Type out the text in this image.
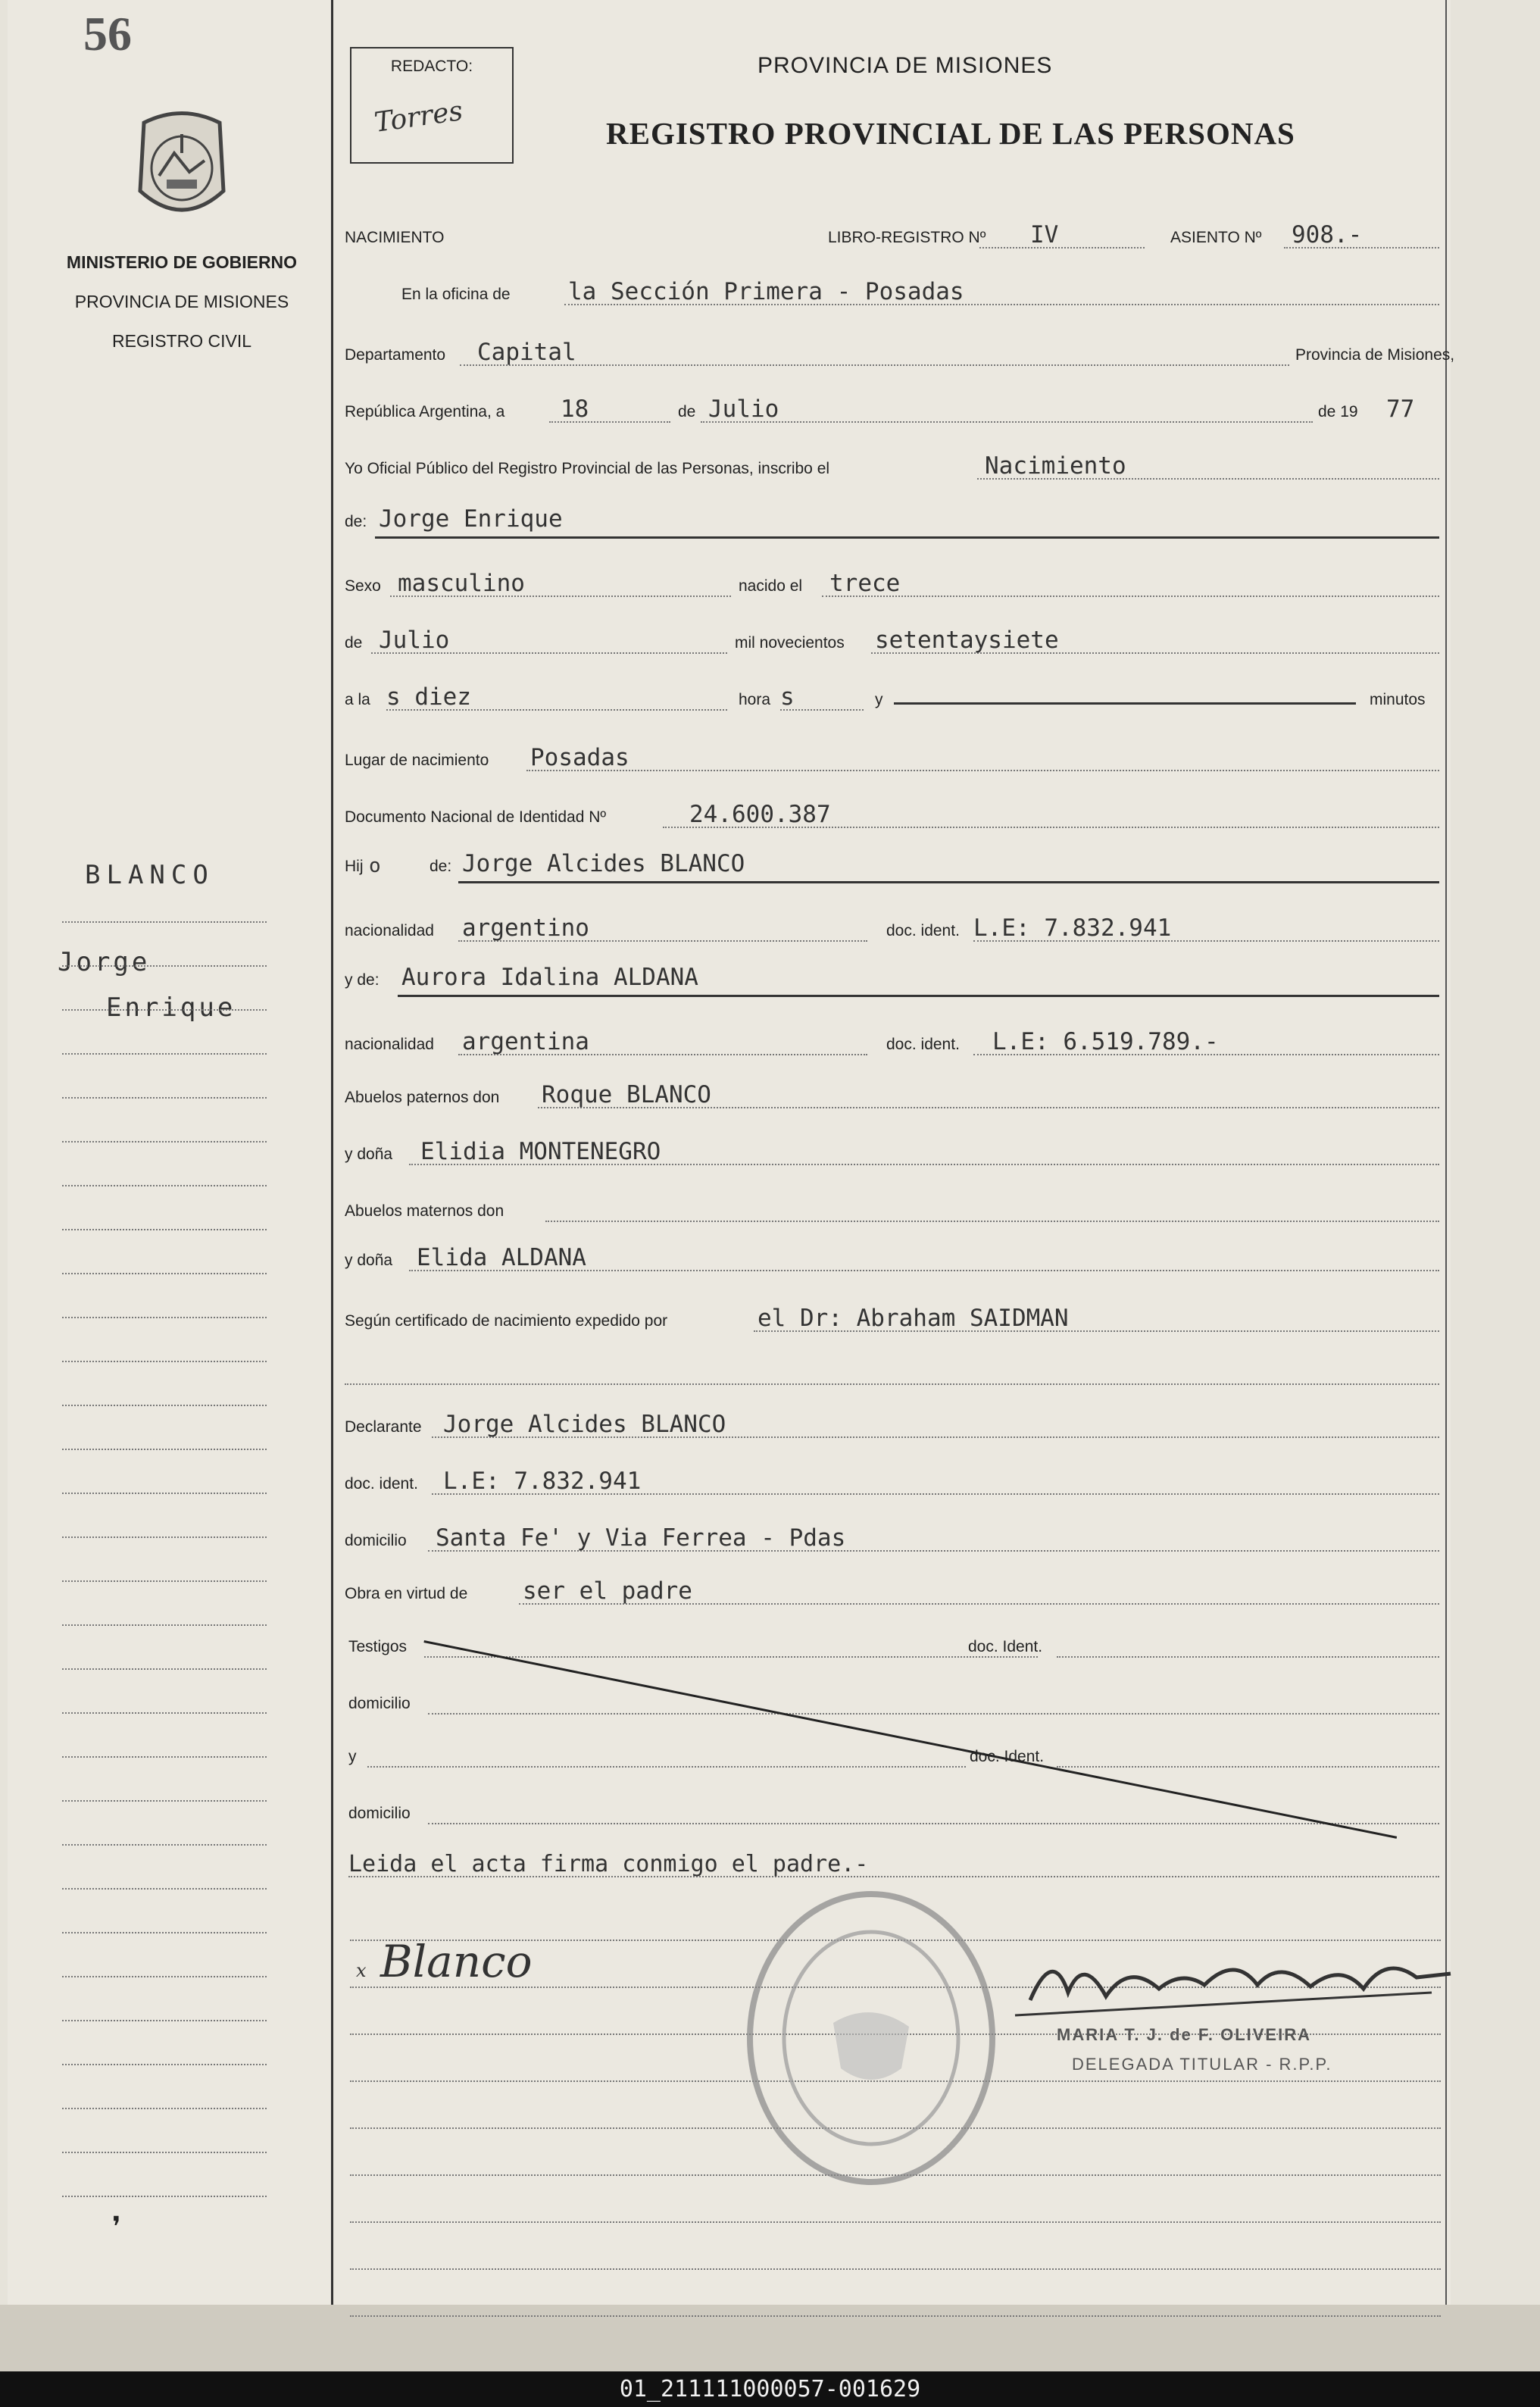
56
MINISTERIO DE GOBIERNO
PROVINCIA DE MISIONES
REGISTRO CIVIL
BLANCO
Jorge
Enrique
REDACTO:
Torres
PROVINCIA DE MISIONES
REGISTRO PROVINCIAL DE LAS PERSONAS
NACIMIENTO	LIBRO-REGISTRO Nº IV	ASIENTO Nº 908.-
En la oficina de la Sección Primera - Posadas
Departamento Capital	Provincia de Misiones,
República Argentina, a 18	de Julio	de 19 77
Yo Oficial Público del Registro Provincial de las Personas, inscribo el	Nacimiento
de: Jorge Enrique
Sexo masculino	nacido el trece
de Julio	mil novecientos setentaysiete
a la s diez	hora s	y	minutos
Lugar de nacimiento Posadas
Documento Nacional de Identidad Nº	24.600.387
Hij o	de: Jorge Alcides BLANCO
nacionalidad argentino	doc. ident. L.E: 7.832.941
y de: Aurora Idalina ALDANA
nacionalidad argentina	doc. ident. L.E: 6.519.789.-
Abuelos paternos don Roque BLANCO
y doña Elidia MONTENEGRO
Abuelos maternos don
y doña Elida ALDANA
Según certificado de nacimiento expedido por	el Dr: Abraham SAIDMAN
Declarante Jorge Alcides BLANCO
doc. ident. L.E: 7.832.941
domicilio Santa Fe' y Via Ferrea - Pdas
Obra en virtud de ser el padre
Testigos	doc. Ident.
domicilio
y	doc. Ident.
domicilio
Leida el acta firma conmigo el padre.-
x Blanco
MARIA T. J. de F. OLIVEIRA
DELEGADA TITULAR - R.P.P.
❜
01_211111000057-001629
